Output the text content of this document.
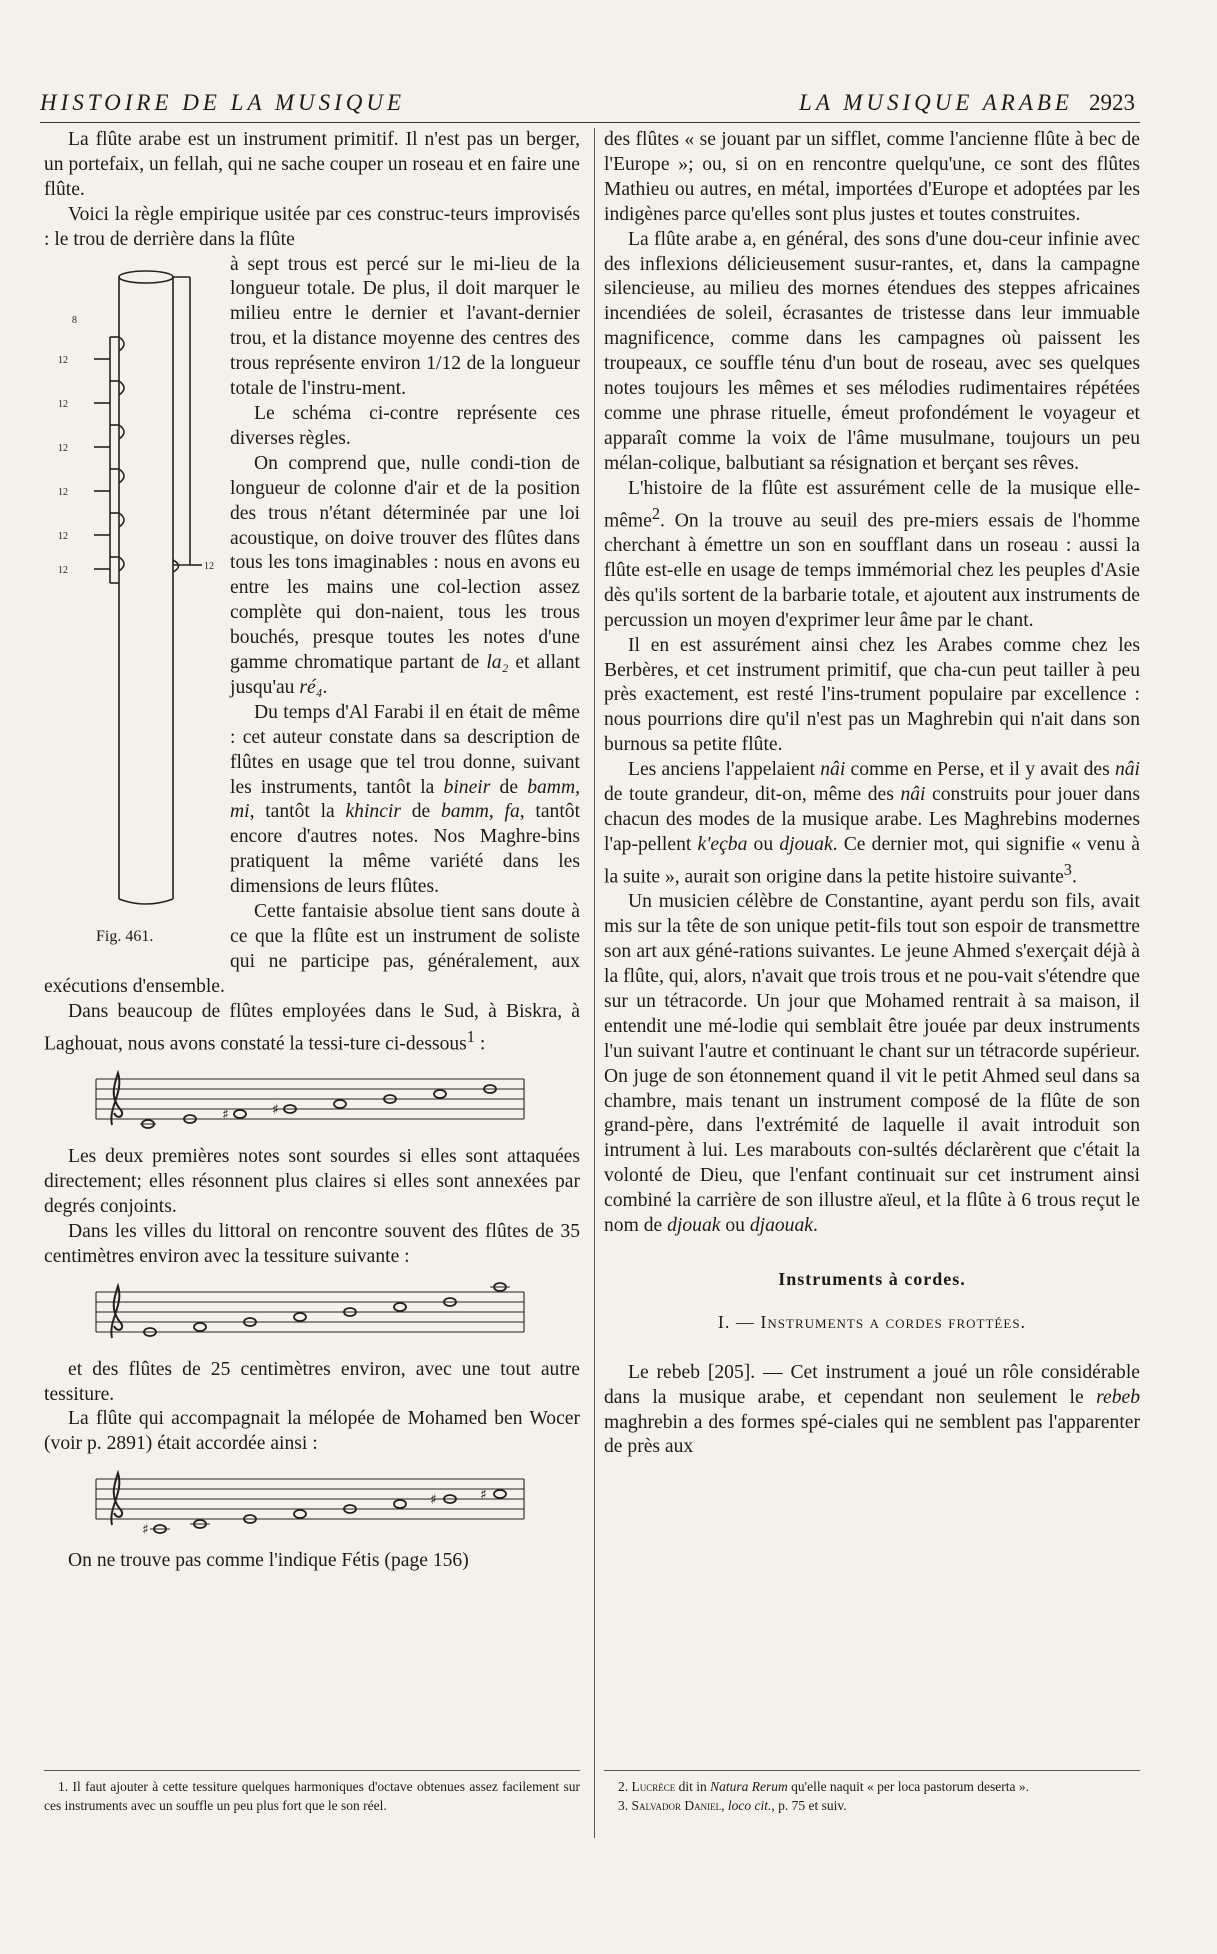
HISTOIRE DE LA MUSIQUE	LA MUSIQUE ARABE 2923

La flûte arabe est un instrument primitif. Il n'est pas un berger, un portefaix, un fellah, qui ne sache couper un roseau et en faire une flûte.

Voici la règle empirique usitée par ces construc-teurs improvisés : le trou de derrière dans la flûte

8
12
12
12
12
12
12	12
Fig. 461.

à sept trous est percé sur le mi-lieu de la longueur totale. De plus, il doit marquer le milieu entre le dernier et l'avant-dernier trou, et la distance moyenne des centres des trous représente environ 1/12 de la longueur totale de l'instru-ment.

Le schéma ci-contre représente ces diverses règles.

On comprend que, nulle condi-tion de longueur de colonne d'air et de la position des trous n'étant déterminée par une loi acoustique, on doive trouver des flûtes dans tous les tons imaginables : nous en avons eu entre les mains une col-lection assez complète qui don-naient, tous les trous bouchés, presque toutes les notes d'une gamme chromatique partant de la₂ et allant jusqu'au ré₄.

Du temps d'Al Farabi il en était de même : cet auteur constate dans sa description de flûtes en usage que tel trou donne, suivant les instruments, tantôt la bineir de bamm, mi, tantôt la khincir de bamm, fa, tantôt encore d'autres notes. Nos Maghre-bins pratiquent la même variété dans les dimensions de leurs flûtes.

Cette fantaisie absolue tient sans doute à ce que la flûte est un instrument de soliste qui ne participe pas, généralement, aux exécutions d'ensemble.

Dans beaucoup de flûtes employées dans le Sud, à Biskra, à Laghouat, nous avons constaté la tessi-ture ci-dessous$^1$ :

♯	♯

Les deux premières notes sont sourdes si elles sont attaquées directement; elles résonnent plus claires si elles sont annexées par degrés conjoints.

Dans les villes du littoral on rencontre souvent des flûtes de 35 centimètres environ avec la tessiture suivante :

et des flûtes de 25 centimètres environ, avec une tout autre tessiture.

La flûte qui accompagnait la mélopée de Mohamed ben Wocer (voir p. 2891) était accordée ainsi :

♯
♯	♯

On ne trouve pas comme l'indique Fétis (page 156)

des flûtes « se jouant par un sifflet, comme l'ancienne flûte à bec de l'Europe »; ou, si on en rencontre quelqu'une, ce sont des flûtes Mathieu ou autres, en métal, importées d'Europe et adoptées par les indigènes parce qu'elles sont plus justes et toutes construites.

La flûte arabe a, en général, des sons d'une dou-ceur infinie avec des inflexions délicieusement susur-rantes, et, dans la campagne silencieuse, au milieu des mornes étendues des steppes africaines incendiées de soleil, écrasantes de tristesse dans leur immuable magnificence, comme dans les campagnes où paissent les troupeaux, ce souffle ténu d'un bout de roseau, avec ses quelques notes toujours les mêmes et ses mélodies rudimentaires répétées comme une phrase rituelle, émeut profondément le voyageur et apparaît comme la voix de l'âme musulmane, toujours un peu mélan-colique, balbutiant sa résignation et berçant ses rêves.

L'histoire de la flûte est assurément celle de la musique elle-même$^2$. On la trouve au seuil des pre-miers essais de l'homme cherchant à émettre un son en soufflant dans un roseau : aussi la flûte est-elle en usage de temps immémorial chez les peuples d'Asie dès qu'ils sortent de la barbarie totale, et ajoutent aux instruments de percussion un moyen d'exprimer leur âme par le chant.

Il en est assurément ainsi chez les Arabes comme chez les Berbères, et cet instrument primitif, que cha-cun peut tailler à peu près exactement, est resté l'ins-trument populaire par excellence : nous pourrions dire qu'il n'est pas un Maghrebin qui n'ait dans son burnous sa petite flûte.

Les anciens l'appelaient nâi comme en Perse, et il y avait des nâi de toute grandeur, dit-on, même des nâi construits pour jouer dans chacun des modes de la musique arabe. Les Maghrebins modernes l'ap-pellent k'eçba ou djouak. Ce dernier mot, qui signifie « venu à la suite », aurait son origine dans la petite histoire suivante$^3$.

Un musicien célèbre de Constantine, ayant perdu son fils, avait mis sur la tête de son unique petit-fils tout son espoir de transmettre son art aux géné-rations suivantes. Le jeune Ahmed s'exerçait déjà à la flûte, qui, alors, n'avait que trois trous et ne pou-vait s'étendre que sur un tétracorde. Un jour que Mohamed rentrait à sa maison, il entendit une mé-lodie qui semblait être jouée par deux instruments l'un suivant l'autre et continuant le chant sur un tétracorde supérieur. On juge de son étonnement quand il vit le petit Ahmed seul dans sa chambre, mais tenant un instrument composé de la flûte de son grand-père, dans l'extrémité de laquelle il avait introduit son intrument à lui. Les marabouts con-sultés déclarèrent que c'était la volonté de Dieu, que l'enfant continuait sur cet instrument ainsi combiné la carrière de son illustre aïeul, et la flûte à 6 trous reçut le nom de djouak ou djaouak.

Instruments à cordes.
I. — Instruments a cordes frottées.

Le rebeb [205]. — Cet instrument a joué un rôle considérable dans la musique arabe, et cependant non seulement le rebeb maghrebin a des formes spé-ciales qui ne semblent pas l'apparenter de près aux

1. Il faut ajouter à cette tessiture quelques harmoniques d'octave obtenues assez facilement sur ces instruments avec un souffle un peu plus fort que le son réel.

2. Lucrèce dit in Natura Rerum qu'elle naquit « per loca pastorum deserta ».

3. Salvador Daniel, loco cit., p. 75 et suiv.
